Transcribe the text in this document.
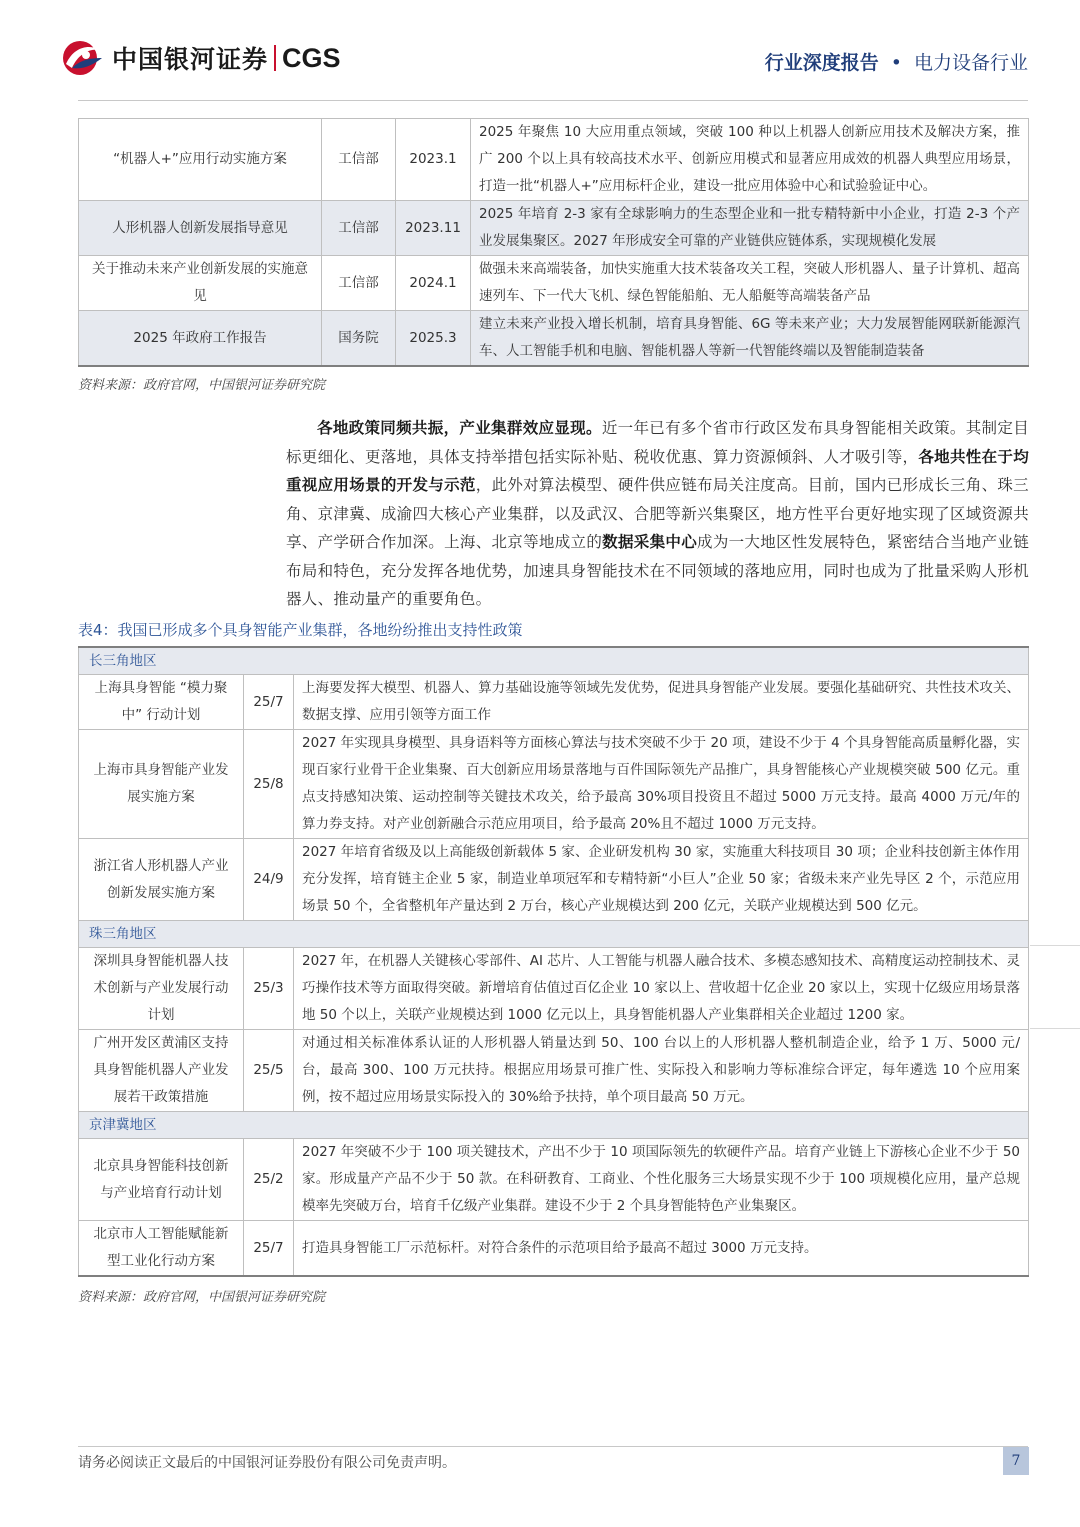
中国银河证券 CGS	行业深度报告 • 电力设备行业
“机器人+”应用行动实施方案	工信部	2023.1	2025 年聚焦 10 大应用重点领域，突破 100 种以上机器人创新应用技术及解决方案，推广 200 个以上具有较高技术水平、创新应用模式和显著应用成效的机器人典型应用场景，打造一批“机器人+”应用标杆企业，建设一批应用体验中心和试验验证中心。
人形机器人创新发展指导意见	工信部	2023.11	2025 年培育 2-3 家有全球影响力的生态型企业和一批专精特新中小企业，打造 2-3 个产业发展集聚区。2027 年形成安全可靠的产业链供应链体系，实现规模化发展
关于推动未来产业创新发展的实施意见	工信部	2024.1	做强未来高端装备，加快实施重大技术装备攻关工程，突破人形机器人、量子计算机、超高速列车、下一代大飞机、绿色智能船舶、无人船艇等高端装备产品
2025 年政府工作报告	国务院	2025.3	建立未来产业投入增长机制，培育具身智能、6G 等未来产业；大力发展智能网联新能源汽车、人工智能手机和电脑、智能机器人等新一代智能终端以及智能制造装备
资料来源：政府官网，中国银河证券研究院

各地政策同频共振，产业集群效应显现。近一年已有多个省市行政区发布具身智能相关政策。其制定目标更细化、更落地，具体支持举措包括实际补贴、税收优惠、算力资源倾斜、人才吸引等，各地共性在于均重视应用场景的开发与示范，此外对算法模型、硬件供应链布局关注度高。目前，国内已形成长三角、珠三角、京津冀、成渝四大核心产业集群，以及武汉、合肥等新兴集聚区，地方性平台更好地实现了区域资源共享、产学研合作加深。上海、北京等地成立的数据采集中心成为一大地区性发展特色，紧密结合当地产业链布局和特色，充分发挥各地优势，加速具身智能技术在不同领域的落地应用，同时也成为了批量采购人形机器人、推动量产的重要角色。

表4：我国已形成多个具身智能产业集群，各地纷纷推出支持性政策
长三角地区		
上海具身智能 “模力聚中” 行动计划	25/7	上海要发挥大模型、机器人、算力基础设施等领域先发优势，促进具身智能产业发展。要强化基础研究、共性技术攻关、数据支撑、应用引领等方面工作
上海市具身智能产业发展实施方案	25/8	2027 年实现具身模型、具身语料等方面核心算法与技术突破不少于 20 项，建设不少于 4 个具身智能高质量孵化器，实现百家行业骨干企业集聚、百大创新应用场景落地与百件国际领先产品推广，具身智能核心产业规模突破 500 亿元。重点支持感知决策、运动控制等关键技术攻关，给予最高 30%项目投资且不超过 5000 万元支持。最高 4000 万元/年的算力券支持。对产业创新融合示范应用项目，给予最高 20%且不超过 1000 万元支持。
浙江省人形机器人产业创新发展实施方案	24/9	2027 年培育省级及以上高能级创新载体 5 家、企业研发机构 30 家，实施重大科技项目 30 项；企业科技创新主体作用充分发挥，培育链主企业 5 家，制造业单项冠军和专精特新“小巨人”企业 50 家；省级未来产业先导区 2 个，示范应用场景 50 个，全省整机年产量达到 2 万台，核心产业规模达到 200 亿元，关联产业规模达到 500 亿元。
珠三角地区		
深圳具身智能机器人技术创新与产业发展行动计划	25/3	2027 年，在机器人关键核心零部件、AI 芯片、人工智能与机器人融合技术、多模态感知技术、高精度运动控制技术、灵巧操作技术等方面取得突破。新增培育估值过百亿企业 10 家以上、营收超十亿企业 20 家以上，实现十亿级应用场景落地 50 个以上，关联产业规模达到 1000 亿元以上，具身智能机器人产业集群相关企业超过 1200 家。
广州开发区黄浦区支持具身智能机器人产业发展若干政策措施	25/5	对通过相关标准体系认证的人形机器人销量达到 50、100 台以上的人形机器人整机制造企业，给予 1 万、5000 元/台，最高 300、100 万元扶持。根据应用场景可推广性、实际投入和影响力等标准综合评定，每年遴选 10 个应用案例，按不超过应用场景实际投入的 30%给予扶持，单个项目最高 50 万元。
京津冀地区		
北京具身智能科技创新与产业培育行动计划	25/2	2027 年突破不少于 100 项关键技术，产出不少于 10 项国际领先的软硬件产品。培育产业链上下游核心企业不少于 50 家。形成量产产品不少于 50 款。在科研教育、工商业、个性化服务三大场景实现不少于 100 项规模化应用，量产总规模率先突破万台，培育千亿级产业集群。建设不少于 2 个具身智能特色产业集聚区。
北京市人工智能赋能新型工业化行动方案	25/7	打造具身智能工厂示范标杆。对符合条件的示范项目给予最高不超过 3000 万元支持。
资料来源：政府官网，中国银河证券研究院
请务必阅读正文最后的中国银河证券股份有限公司免责声明。	7
